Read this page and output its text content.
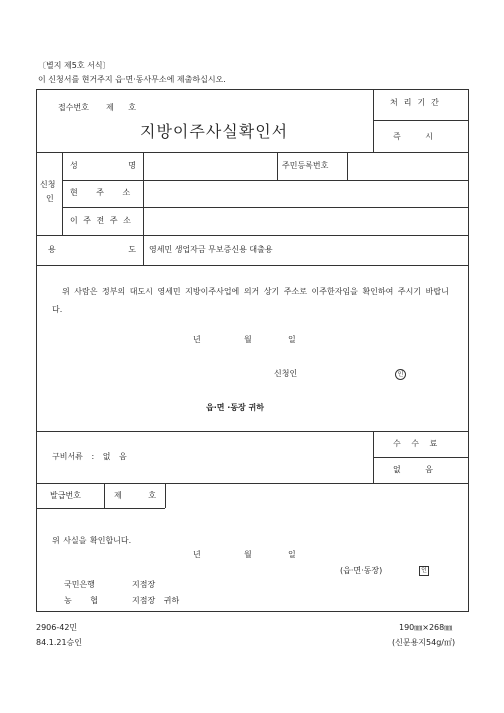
〔별지 제5호 서식〕
이 신청서를 현거주지 읍·면·동사무소에 제출하십시오.
접수번호 제 호
지방이주사실확인서
처리기간
즉 시
신청
인
성 명	주민등록번호
현 주 소
이 주 전 주 소
용 도 영세민 생업자금 무보증신용 대출용
위 사람은 정부의 대도시 영세민 지방이주사업에 의거 상기 주소로 이주한자임을 확인하여 주시기 바랍니다.
년	월	일
신청인	인
읍·면 ·동장 귀하
구비서류 : 없 음
수 수 료
없 음
발급번호	제 호
위 사실을 확인합니다.
년	월	일
(읍·면·동장)	인
국민은행	지점장
농 협	지점장 귀하
2906-42민
84.1.21승인
190㎜×268㎜
(신문용지54g/㎡)
